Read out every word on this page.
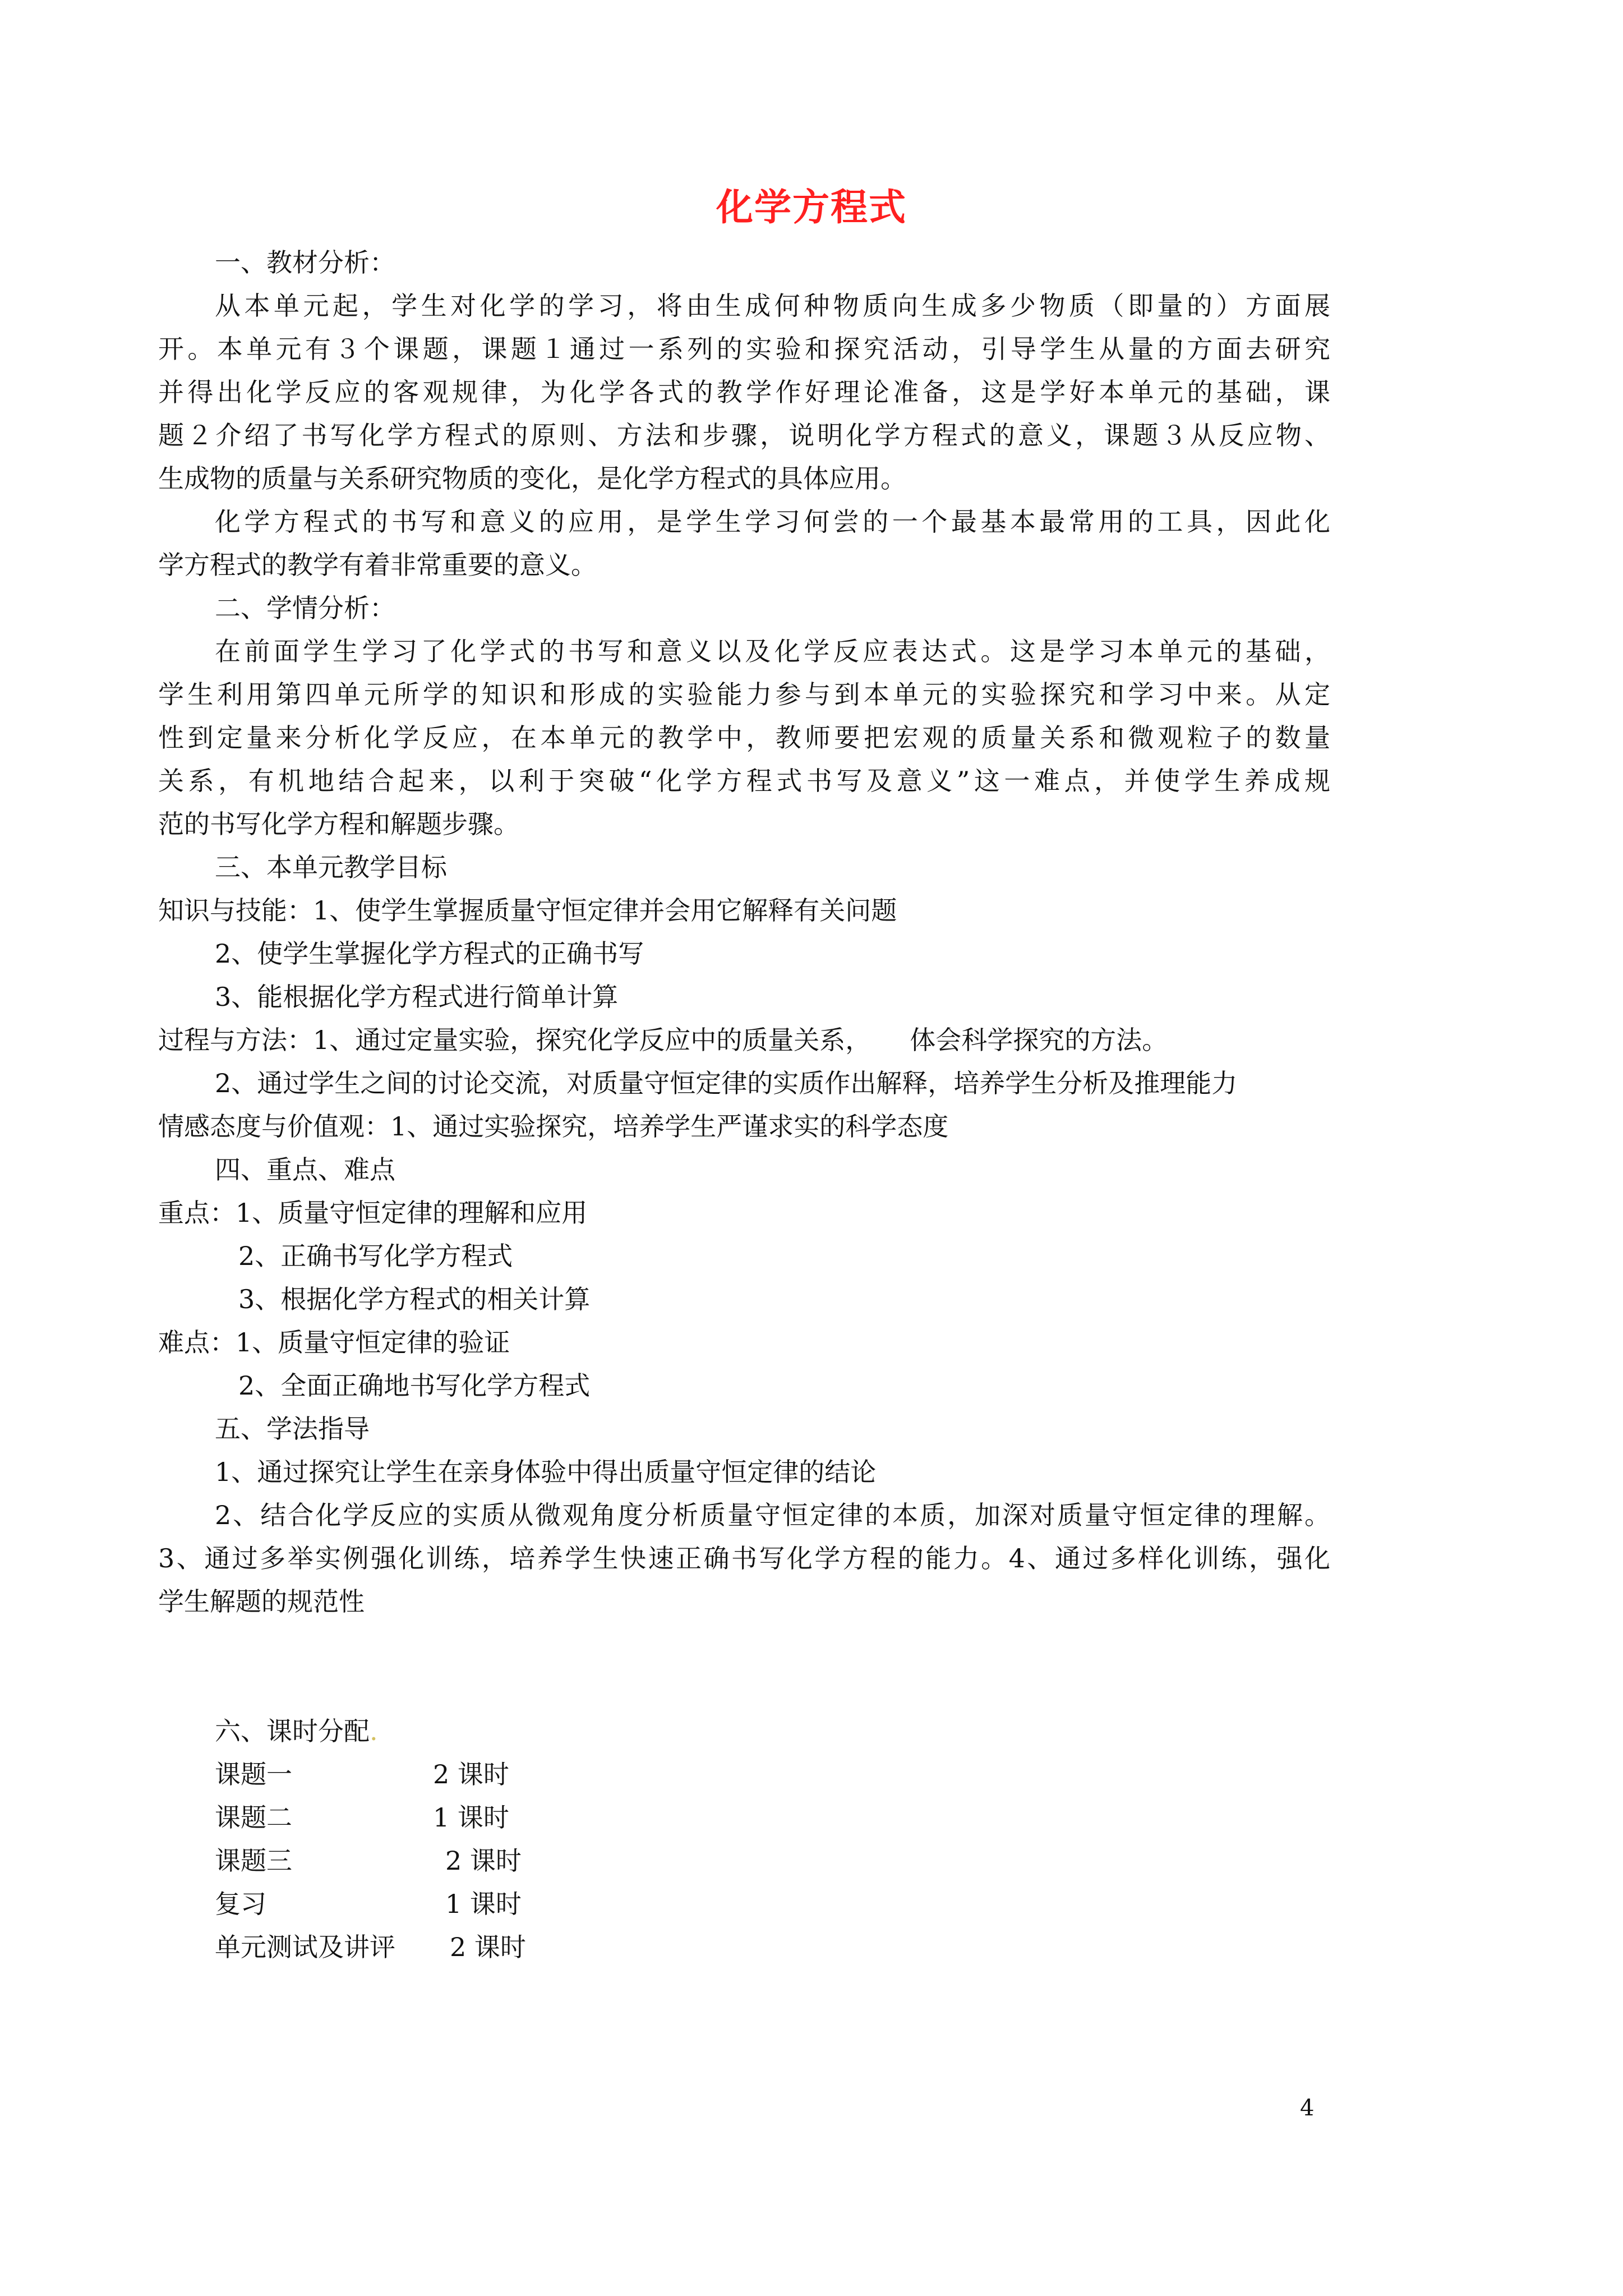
化学方程式

一、教材分析：

从本单元起，学生对化学的学习，将由生成何种物质向生成多少物质（即量的）方面展

开。本单元有３个课题，课题１通过一系列的实验和探究活动，引导学生从量的方面去研究

并得出化学反应的客观规律，为化学各式的教学作好理论准备，这是学好本单元的基础，课

题２介绍了书写化学方程式的原则、方法和步骤，说明化学方程式的意义，课题３从反应物、

生成物的质量与关系研究物质的变化，是化学方程式的具体应用。

化学方程式的书写和意义的应用，是学生学习何尝的一个最基本最常用的工具，因此化

学方程式的教学有着非常重要的意义。

二、学情分析：

在前面学生学习了化学式的书写和意义以及化学反应表达式。这是学习本单元的基础，

学生利用第四单元所学的知识和形成的实验能力参与到本单元的实验探究和学习中来。从定

性到定量来分析化学反应，在本单元的教学中，教师要把宏观的质量关系和微观粒子的数量

关系，有机地结合起来，以利于突破“化学方程式书写及意义”这一难点，并使学生养成规

范的书写化学方程和解题步骤。

三、本单元教学目标

知识与技能：1、使学生掌握质量守恒定律并会用它解释有关问题

2、使学生掌握化学方程式的正确书写

3、能根据化学方程式进行简单计算

过程与方法：1、通过定量实验，探究化学反应中的质量关系，　　体会科学探究的方法。

2、通过学生之间的讨论交流，对质量守恒定律的实质作出解释，培养学生分析及推理能力

情感态度与价值观：1、通过实验探究，培养学生严谨求实的科学态度

四、重点、难点

重点：1、质量守恒定律的理解和应用

2、正确书写化学方程式

3、根据化学方程式的相关计算

难点：1、质量守恒定律的验证

2、全面正确地书写化学方程式

五、学法指导

1、通过探究让学生在亲身体验中得出质量守恒定律的结论

2、结合化学反应的实质从微观角度分析质量守恒定律的本质，加深对质量守恒定律的理解。

3、通过多举实例强化训练，培养学生快速正确书写化学方程的能力。4、通过多样化训练，强化

学生解题的规范性

六、课时分配.

课题一	2 课时
课题二	1 课时
课题三	2 课时
复习	1 课时
单元测试及讲评 2 课时
4
